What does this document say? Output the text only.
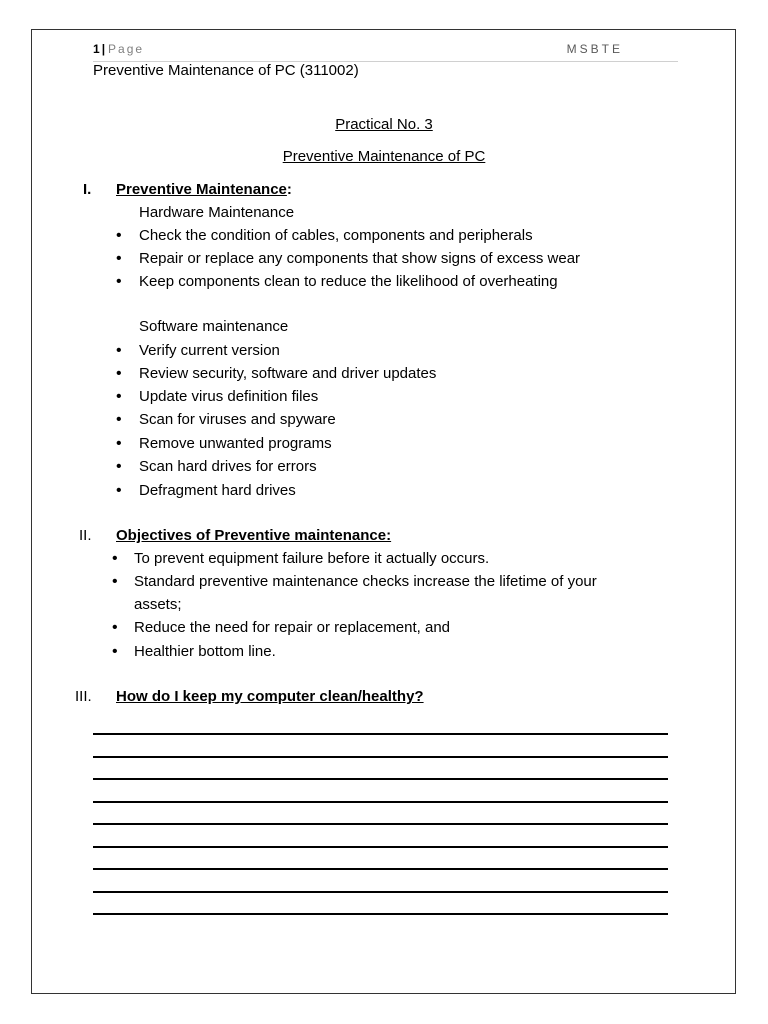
1 | Page	MSBTE
Preventive Maintenance of PC (311002)
Practical No. 3
Preventive Maintenance of PC
I. Preventive Maintenance:
Hardware Maintenance
• Check the condition of cables, components and peripherals
• Repair or replace any components that show signs of excess wear
• Keep components clean to reduce the likelihood of overheating
Software maintenance
• Verify current version
• Review security, software and driver updates
• Update virus definition files
• Scan for viruses and spyware
• Remove unwanted programs
• Scan hard drives for errors
• Defragment hard drives
II. Objectives of Preventive maintenance:
• To prevent equipment failure before it actually occurs.
• Standard preventive maintenance checks increase the lifetime of your
assets;
• Reduce the need for repair or replacement, and
• Healthier bottom line.
III. How do I keep my computer clean/healthy?
